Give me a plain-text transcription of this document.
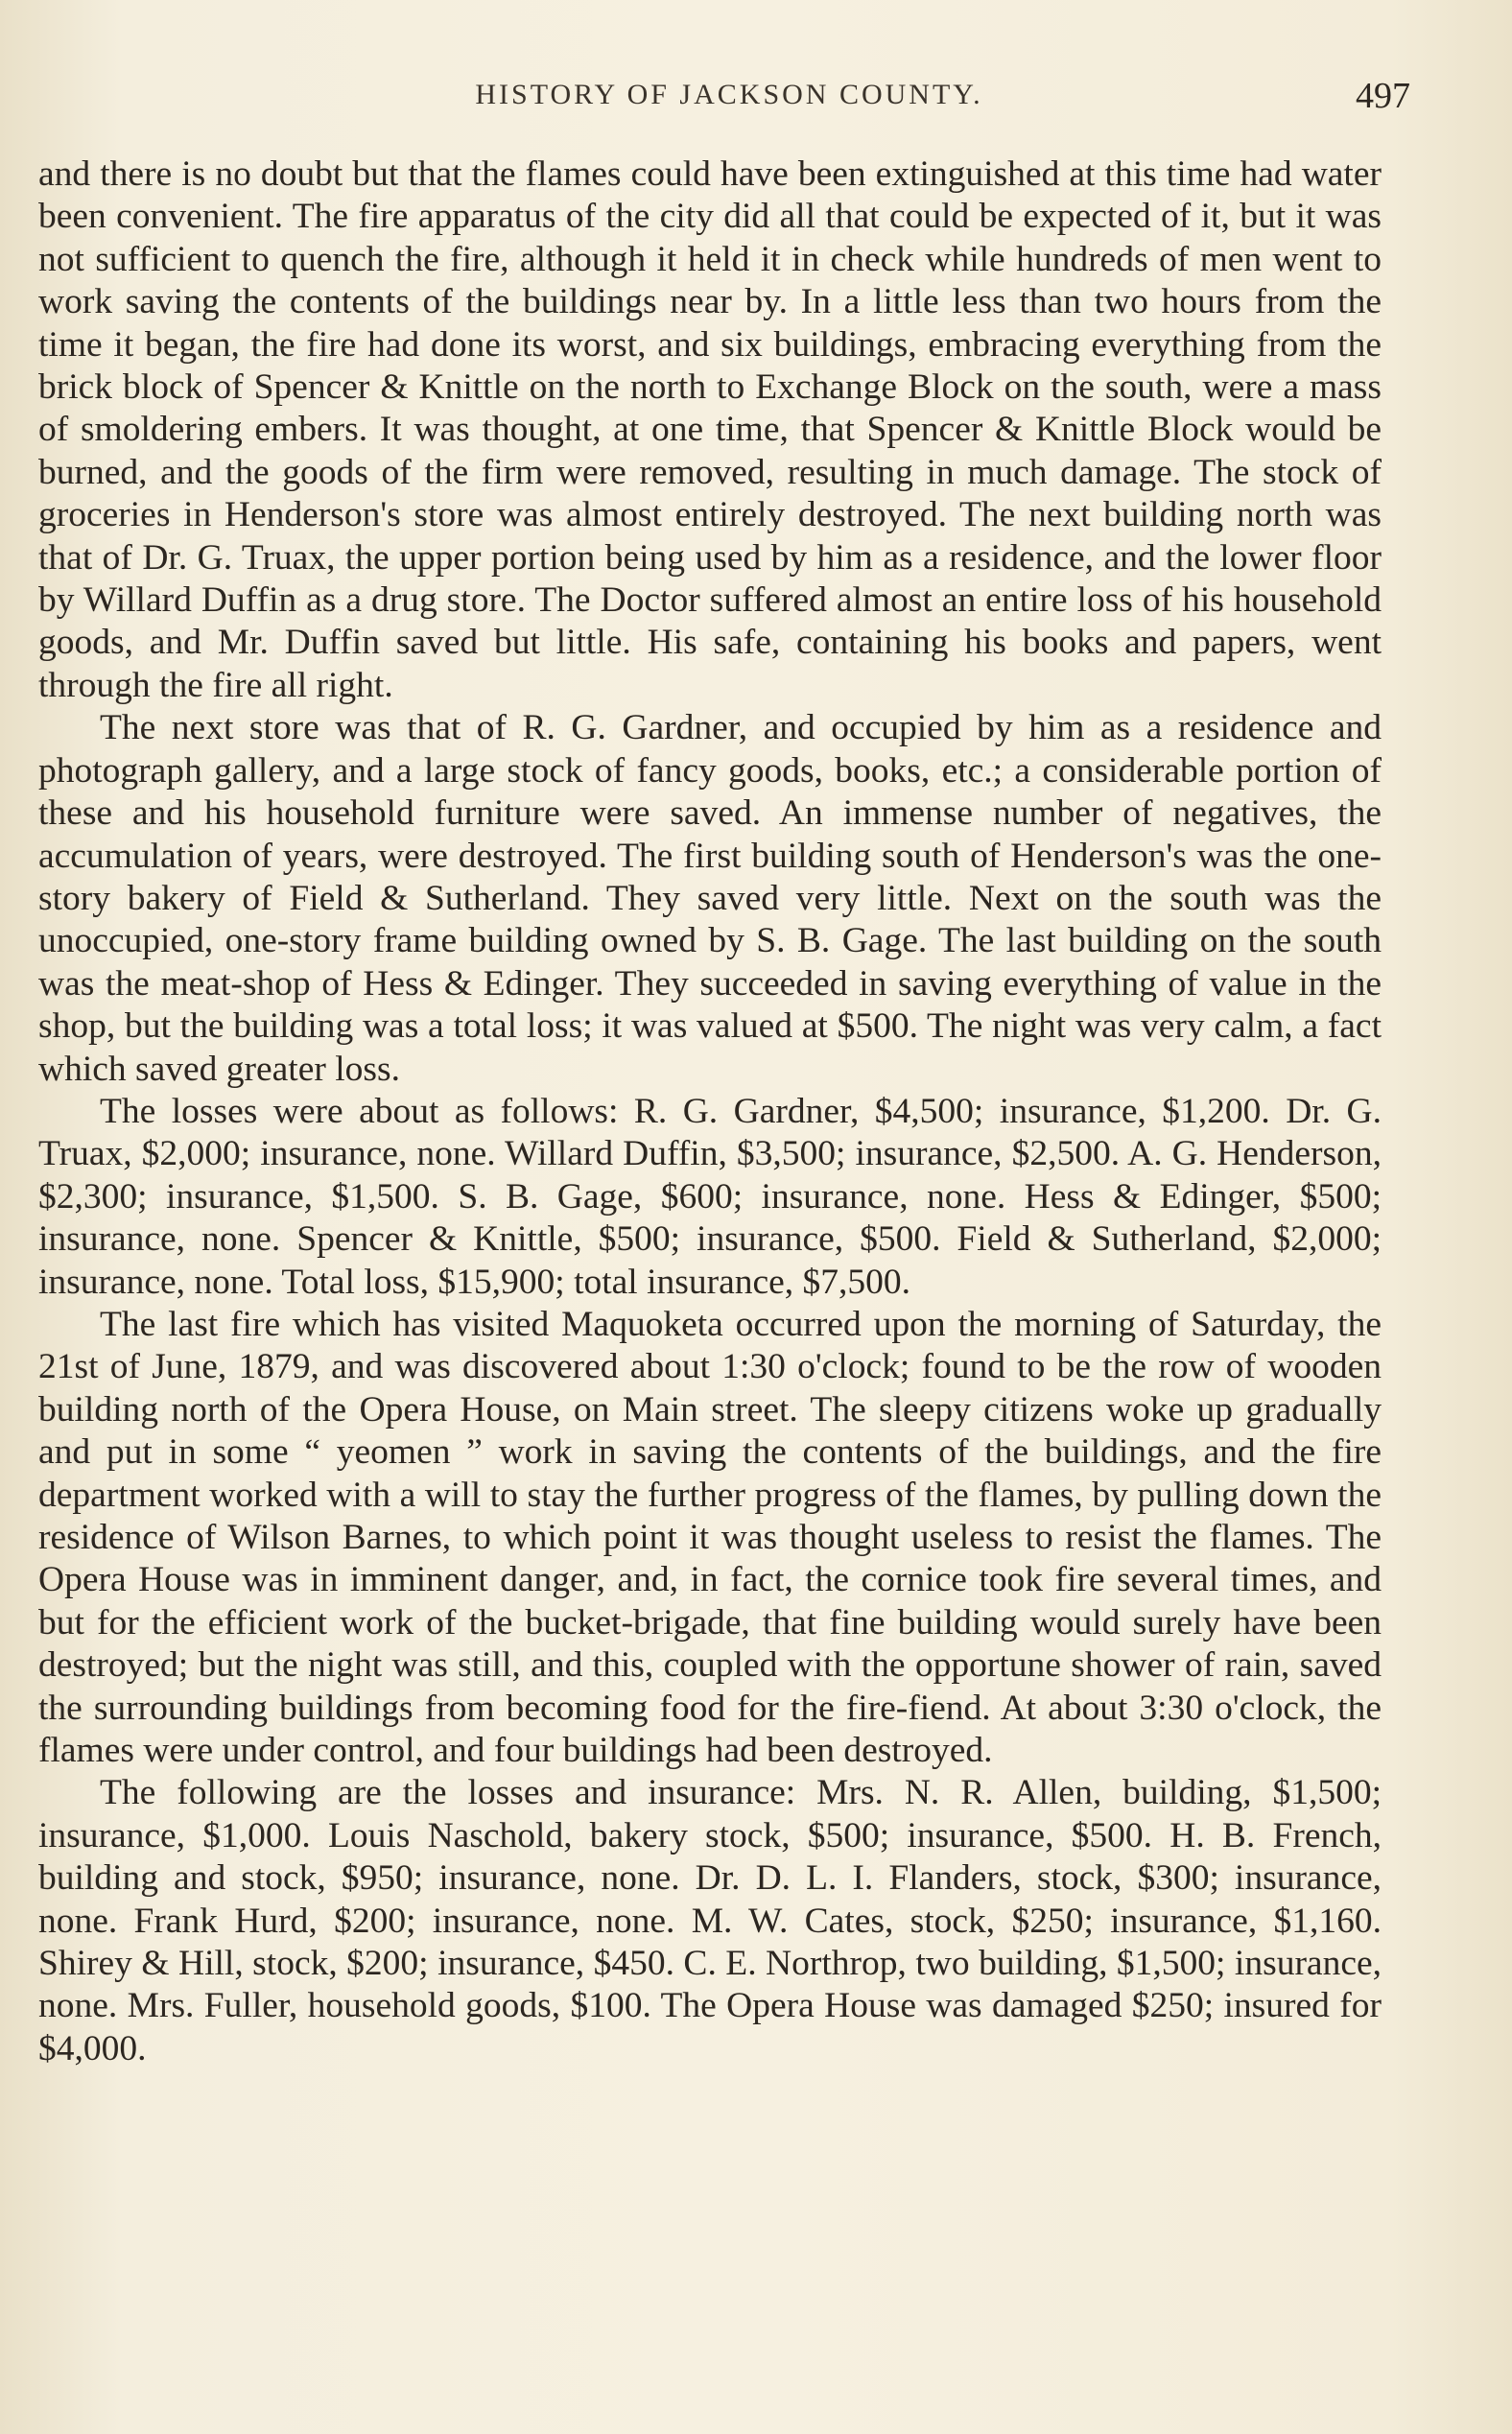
HISTORY OF JACKSON COUNTY.	497

and there is no doubt but that the flames could have been extinguished at this time had water been convenient. The fire apparatus of the city did all that could be expected of it, but it was not sufficient to quench the fire, although it held it in check while hundreds of men went to work saving the contents of the buildings near by. In a little less than two hours from the time it began, the fire had done its worst, and six buildings, embracing everything from the brick block of Spencer & Knittle on the north to Exchange Block on the south, were a mass of smoldering embers. It was thought, at one time, that Spencer & Knittle Block would be burned, and the goods of the firm were removed, resulting in much damage. The stock of groceries in Henderson's store was almost entirely destroyed. The next building north was that of Dr. G. Truax, the upper portion being used by him as a residence, and the lower floor by Willard Duffin as a drug store. The Doctor suffered almost an entire loss of his household goods, and Mr. Duffin saved but little. His safe, containing his books and papers, went through the fire all right.

The next store was that of R. G. Gardner, and occupied by him as a residence and photograph gallery, and a large stock of fancy goods, books, etc.; a considerable portion of these and his household furniture were saved. An immense number of negatives, the accumulation of years, were destroyed. The first building south of Henderson's was the one-story bakery of Field & Sutherland. They saved very little. Next on the south was the unoccupied, one-story frame building owned by S. B. Gage. The last building on the south was the meat-shop of Hess & Edinger. They succeeded in saving everything of value in the shop, but the building was a total loss; it was valued at $500. The night was very calm, a fact which saved greater loss.

The losses were about as follows: R. G. Gardner, $4,500; insurance, $1,200. Dr. G. Truax, $2,000; insurance, none. Willard Duffin, $3,500; insurance, $2,500. A. G. Henderson, $2,300; insurance, $1,500. S. B. Gage, $600; insurance, none. Hess & Edinger, $500; insurance, none. Spencer & Knittle, $500; insurance, $500. Field & Sutherland, $2,000; insurance, none. Total loss, $15,900; total insurance, $7,500.

The last fire which has visited Maquoketa occurred upon the morning of Saturday, the 21st of June, 1879, and was discovered about 1:30 o'clock; found to be the row of wooden building north of the Opera House, on Main street. The sleepy citizens woke up gradually and put in some “ yeomen ” work in saving the contents of the buildings, and the fire department worked with a will to stay the further progress of the flames, by pulling down the residence of Wilson Barnes, to which point it was thought useless to resist the flames. The Opera House was in imminent danger, and, in fact, the cornice took fire several times, and but for the efficient work of the bucket-brigade, that fine building would surely have been destroyed; but the night was still, and this, coupled with the opportune shower of rain, saved the surrounding buildings from becoming food for the fire-fiend. At about 3:30 o'clock, the flames were under control, and four buildings had been destroyed.

The following are the losses and insurance: Mrs. N. R. Allen, building, $1,500; insurance, $1,000. Louis Naschold, bakery stock, $500; insurance, $500. H. B. French, building and stock, $950; insurance, none. Dr. D. L. I. Flanders, stock, $300; insurance, none. Frank Hurd, $200; insurance, none. M. W. Cates, stock, $250; insurance, $1,160. Shirey & Hill, stock, $200; insurance, $450. C. E. Northrop, two building, $1,500; insurance, none. Mrs. Fuller, household goods, $100. The Opera House was damaged $250; insured for $4,000.
